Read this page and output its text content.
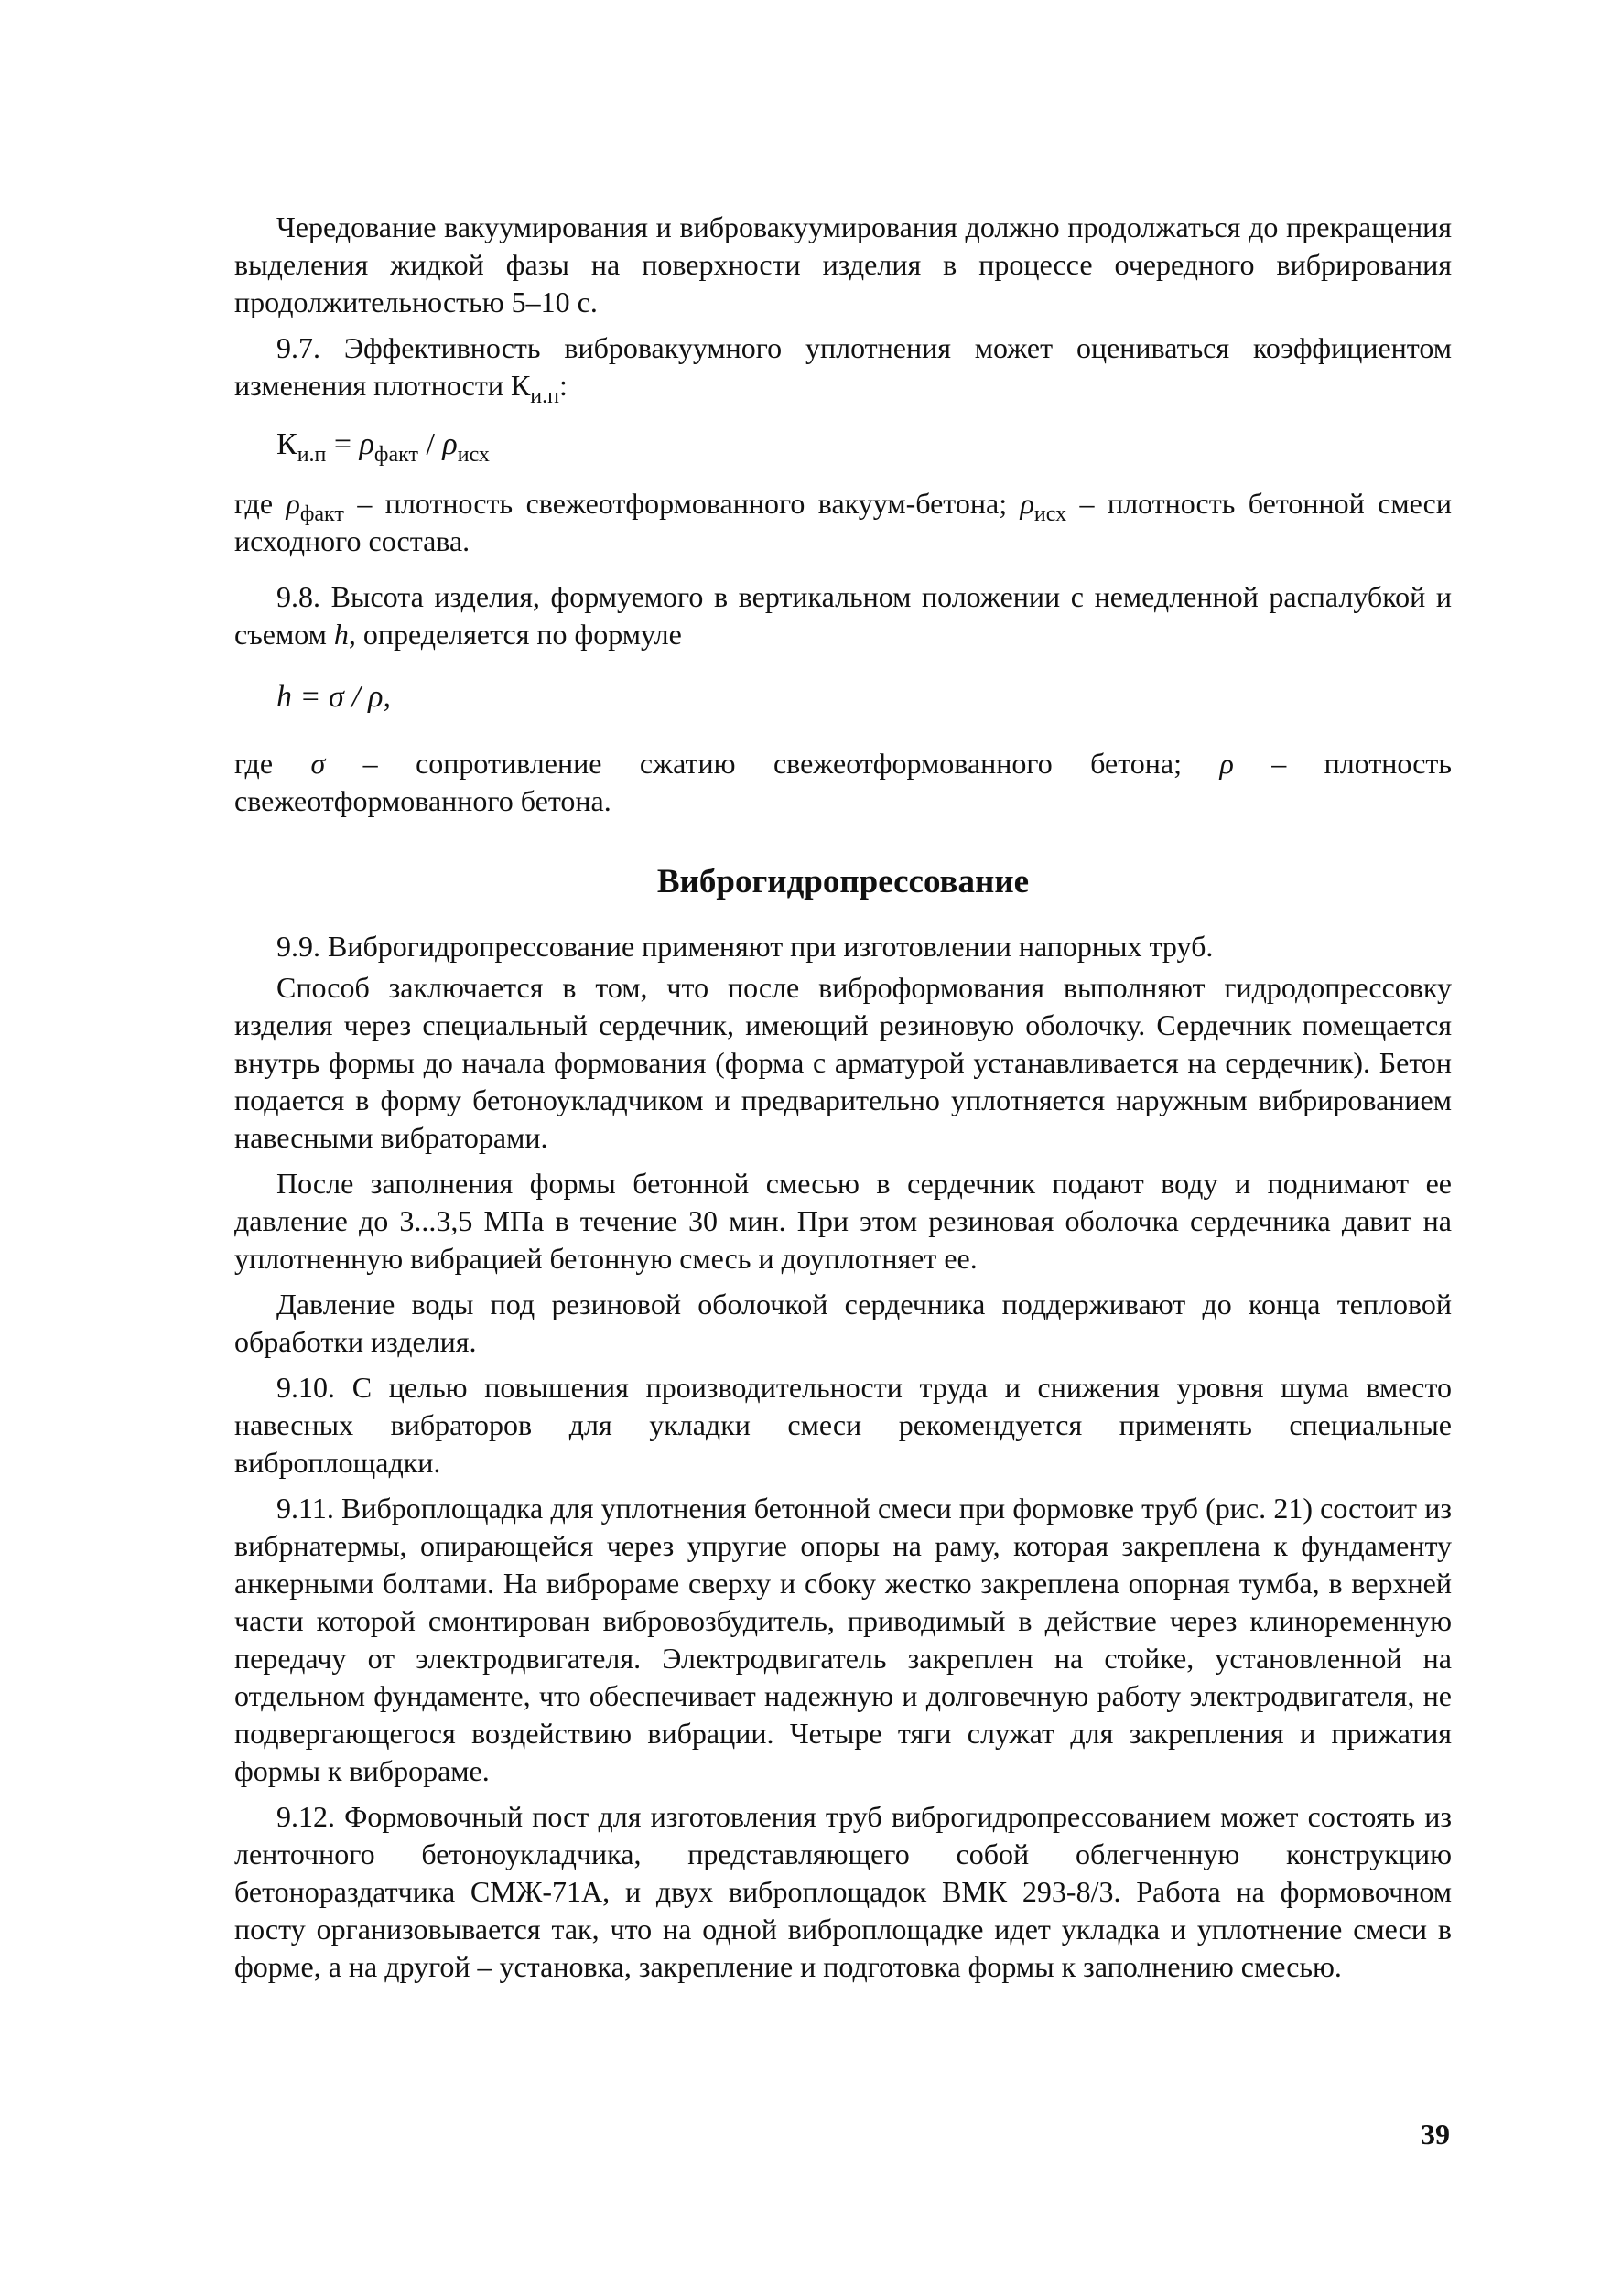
Чередование вакуумирования и вибровакуумирования должно продолжаться до прекращения выделения жидкой фазы на поверхности изделия в процессе очередного вибрирования продолжительностью 5–10 с.

9.7. Эффективность вибровакуумного уплотнения может оцениваться коэффициентом изменения плотности $К_{и.п}$:

$К_{и.п} = \rho_{факт} / \rho_{исх}$

где $\rho_{факт}$ – плотность свежеотформованного вакуум-бетона; $\rho_{исх}$ – плотность бетонной смеси исходного состава.

9.8. Высота изделия, формуемого в вертикальном положении с немедленной распалубкой и съемом h, определяется по формуле

h = σ / ρ,

где σ – сопротивление сжатию свежеотформованного бетона; ρ – плотность свежеотформованного бетона.

Виброгидропрессование

9.9. Виброгидропрессование применяют при изготовлении напорных труб.

Способ заключается в том, что после виброформования выполняют гидродопрессовку изделия через специальный сердечник, имеющий резиновую оболочку. Сердечник помещается внутрь формы до начала формования (форма с арматурой устанавливается на сердечник). Бетон подается в форму бетоноукладчиком и предварительно уплотняется наружным вибрированием навесными вибраторами.

После заполнения формы бетонной смесью в сердечник подают воду и поднимают ее давление до 3...3,5 МПа в течение 30 мин. При этом резиновая оболочка сердечника давит на уплотненную вибрацией бетонную смесь и доуплотняет ее.

Давление воды под резиновой оболочкой сердечника поддерживают до конца тепловой обработки изделия.

9.10. С целью повышения производительности труда и снижения уровня шума вместо навесных вибраторов для укладки смеси рекомендуется применять специальные виброплощадки.

9.11. Виброплощадка для уплотнения бетонной смеси при формовке труб (рис. 21) состоит из вибрнатермы, опирающейся через упругие опоры на раму, которая закреплена к фундаменту анкерными болтами. На виброраме сверху и сбоку жестко закреплена опорная тумба, в верхней части которой смонтирован вибровозбудитель, приводимый в действие через клиноременную передачу от электродвигателя. Электродвигатель закреплен на стойке, установленной на отдельном фундаменте, что обеспечивает надежную и долговечную работу электродвигателя, не подвергающегося воздействию вибрации. Четыре тяги служат для закрепления и прижатия формы к виброраме.

9.12. Формовочный пост для изготовления труб виброгидропрессованием может состоять из ленточного бетоноукладчика, представляющего собой облегченную конструкцию бетонораздатчика СМЖ-71А, и двух виброплощадок ВМК 293-8/3. Работа на формовочном посту организовывается так, что на одной виброплощадке идет укладка и уплотнение смеси в форме, а на другой – установка, закрепление и подготовка формы к заполнению смесью.

39
